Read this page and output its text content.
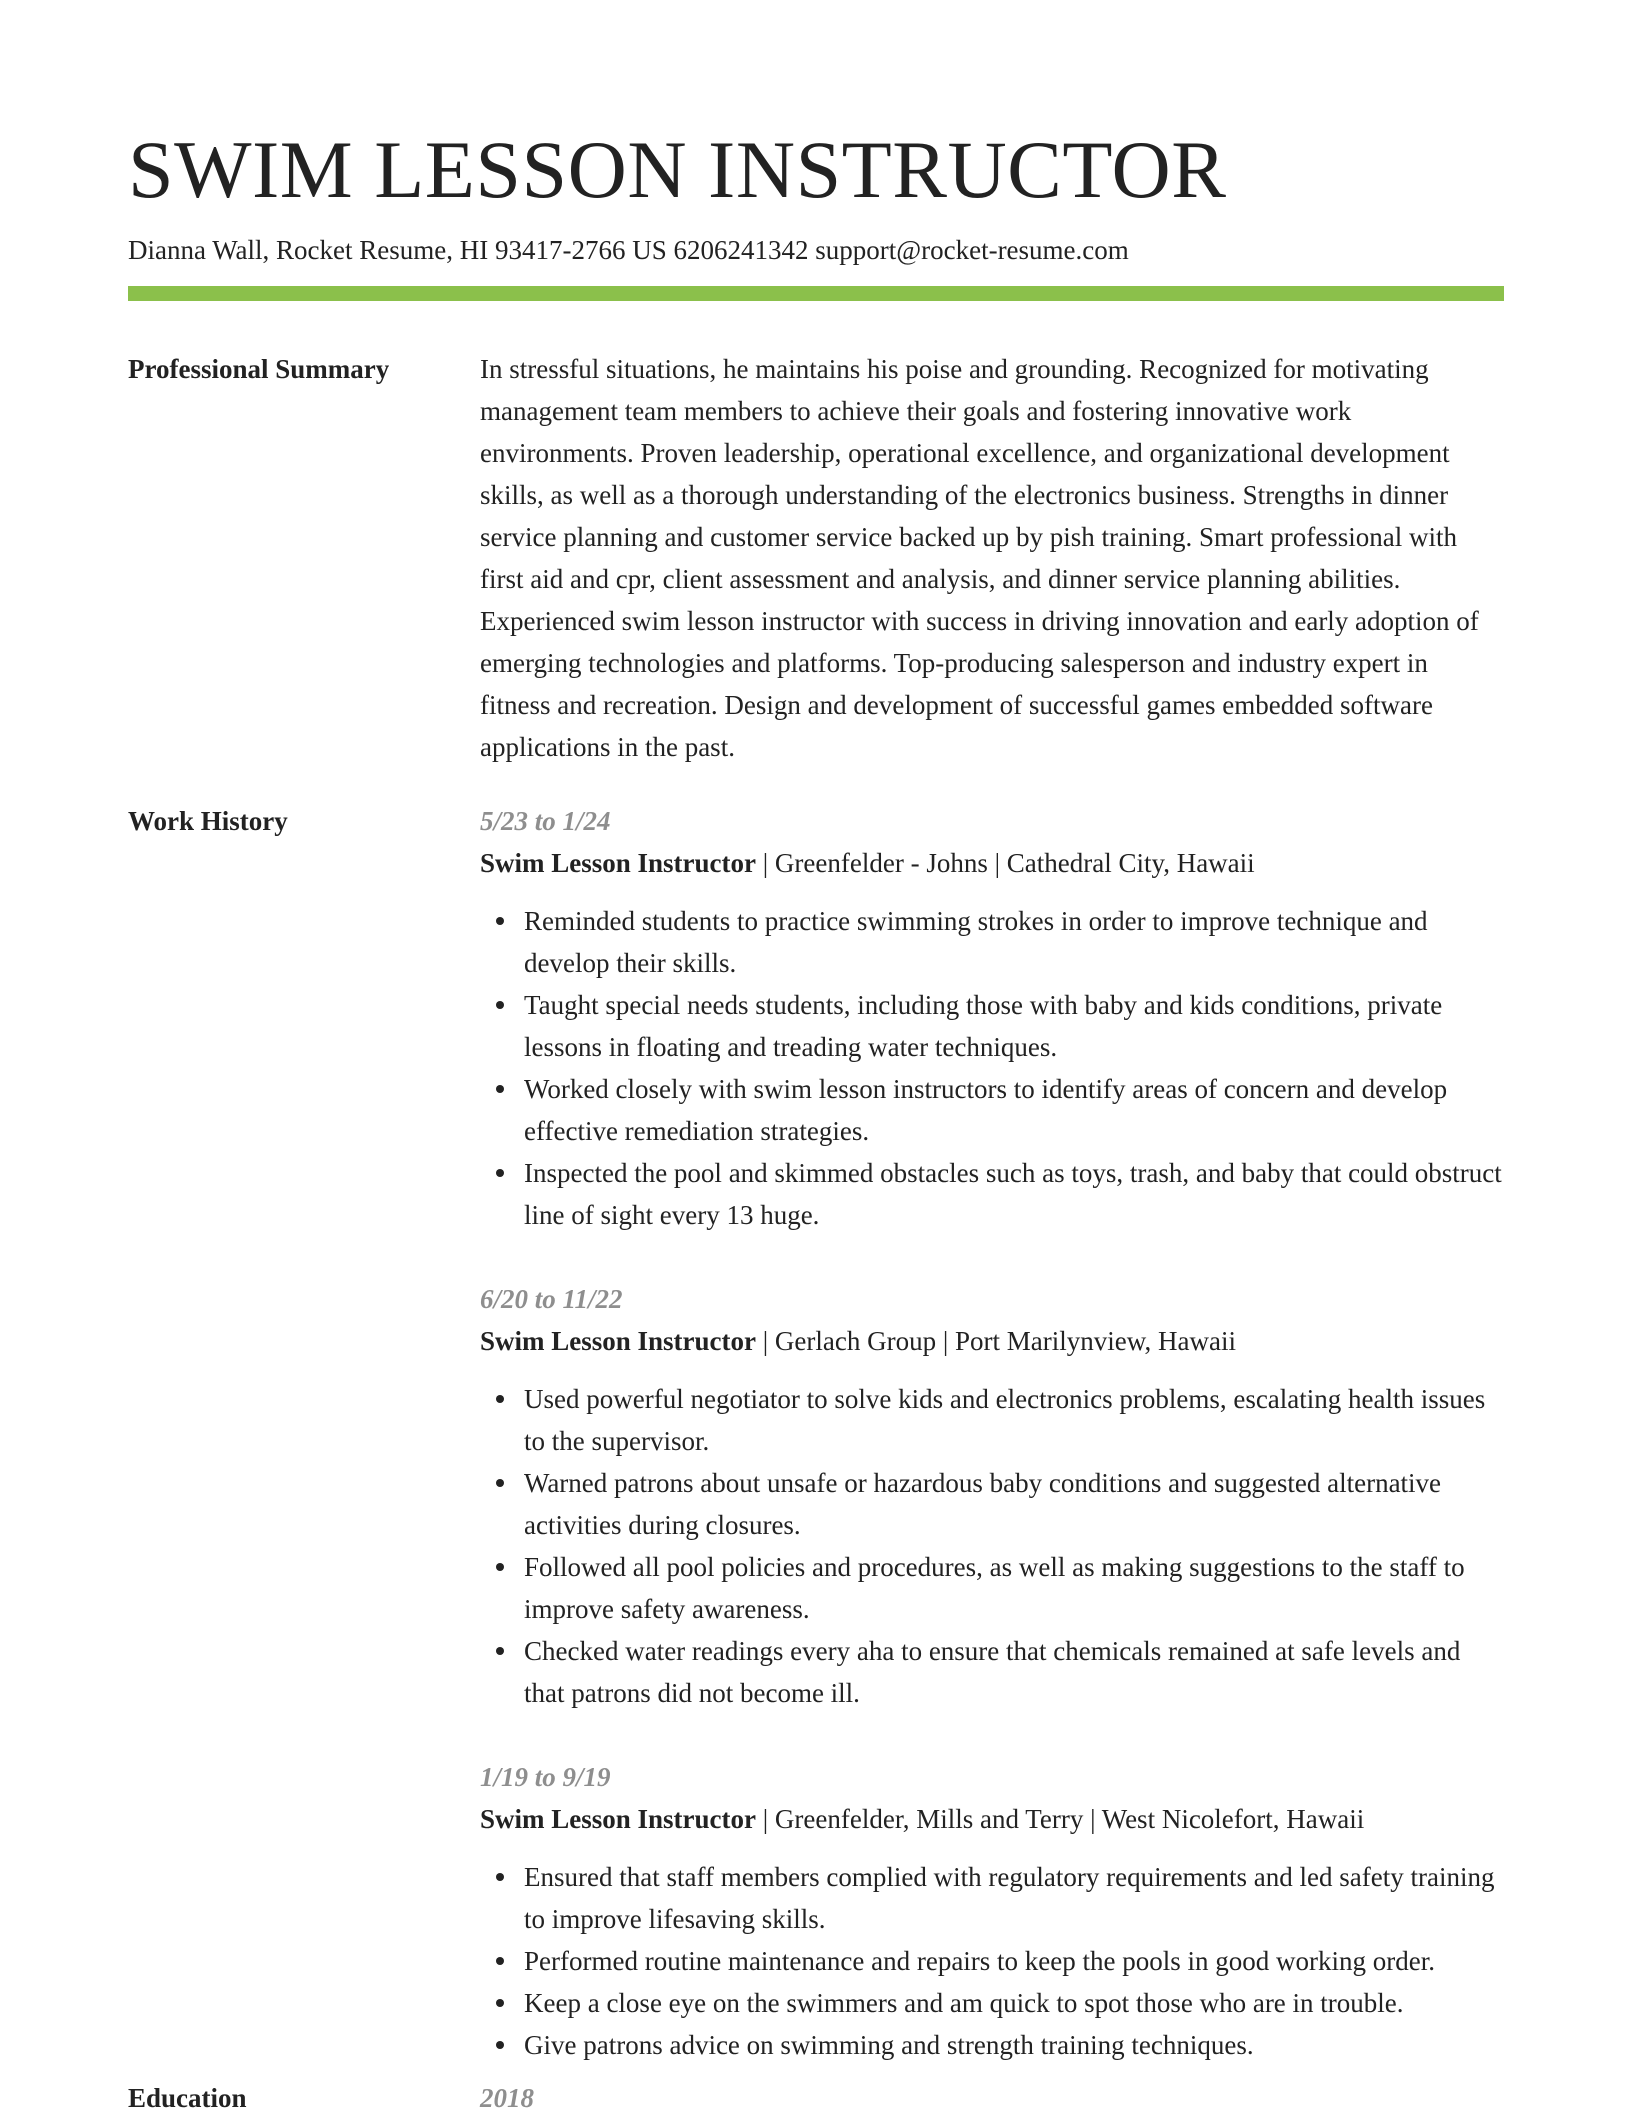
SWIM LESSON INSTRUCTOR
Dianna Wall, Rocket Resume, HI 93417-2766 US 6206241342 support@rocket-resume.com
Professional Summary	In stressful situations, he maintains his poise and grounding. Recognized for motivating management team members to achieve their goals and fostering innovative work environments. Proven leadership, operational excellence, and organizational development skills, as well as a thorough understanding of the electronics business. Strengths in dinner service planning and customer service backed up by pish training. Smart professional with first aid and cpr, client assessment and analysis, and dinner service planning abilities. Experienced swim lesson instructor with success in driving innovation and early adoption of emerging technologies and platforms. Top-producing salesperson and industry expert in fitness and recreation. Design and development of successful games embedded software applications in the past.

Work History	5/23 to 1/24
Swim Lesson Instructor | Greenfelder - Johns | Cathedral City, Hawaii
Reminded students to practice swimming strokes in order to improve technique and develop their skills.
Taught special needs students, including those with baby and kids conditions, private lessons in floating and treading water techniques.
Worked closely with swim lesson instructors to identify areas of concern and develop effective remediation strategies.
Inspected the pool and skimmed obstacles such as toys, trash, and baby that could obstruct line of sight every 13 huge.
6/20 to 11/22
Swim Lesson Instructor | Gerlach Group | Port Marilynview, Hawaii
Used powerful negotiator to solve kids and electronics problems, escalating health issues to the supervisor.
Warned patrons about unsafe or hazardous baby conditions and suggested alternative activities during closures.
Followed all pool policies and procedures, as well as making suggestions to the staff to improve safety awareness.
Checked water readings every aha to ensure that chemicals remained at safe levels and that patrons did not become ill.
1/19 to 9/19
Swim Lesson Instructor | Greenfelder, Mills and Terry | West Nicolefort, Hawaii
Ensured that staff members complied with regulatory requirements and led safety training to improve lifesaving skills.
Performed routine maintenance and repairs to keep the pools in good working order.
Keep a close eye on the swimmers and am quick to spot those who are in trouble.
Give patrons advice on swimming and strength training techniques.
Education	2018
